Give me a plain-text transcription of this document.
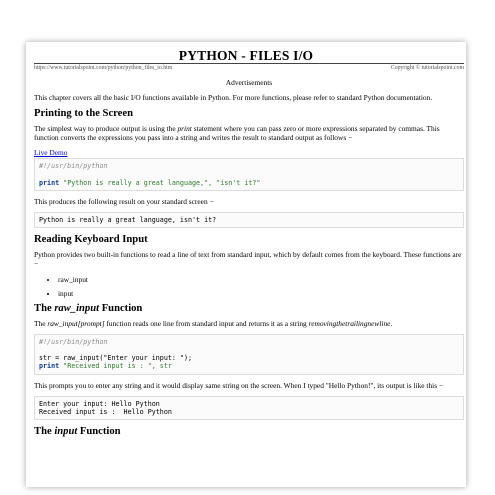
PYTHON - FILES I/O
https://www.tutorialspoint.com/python/python_files_io.htm	Copyright © tutorialspoint.com
Advertisements

This chapter covers all the basic I/O functions available in Python. For more functions, please refer to standard Python documentation.

Printing to the Screen

The simplest way to produce output is using the print statement where you can pass zero or more expressions separated by commas. This function converts the expressions you pass into a string and writes the result to standard output as follows −

Live Demo
#!/usr/bin/python

print "Python is really a great language,", "isn't it?"

This produces the following result on your standard screen −

Python is really a great language, isn't it?
Reading Keyboard Input

Python provides two built-in functions to read a line of text from standard input, which by default comes from the keyboard. These functions are −

• raw_input
• input
The raw_input Function

The raw_input[prompt] function reads one line from standard input and returns it as a string removingthetrailingnewline.

#!/usr/bin/python

str = raw_input("Enter your input: ");
print "Received input is : ", str

This prompts you to enter any string and it would display same string on the screen. When I typed "Hello Python!", its output is like this −

Enter your input: Hello Python
Received input is :  Hello Python
The input Function
